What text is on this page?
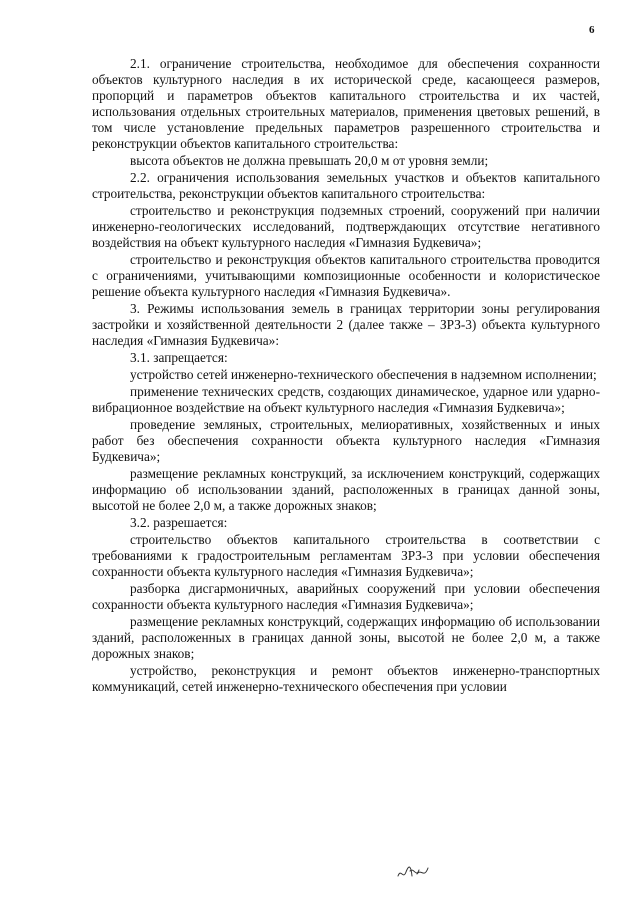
6

2.1. ограничение строительства, необходимое для обеспечения сохранности объектов культурного наследия в их исторической среде, касающееся размеров, пропорций и параметров объектов капитального строительства и их частей, использования отдельных строительных материалов, применения цветовых решений, в том числе установление предельных параметров разрешенного строительства и реконструкции объектов капитального строительства:

высота объектов не должна превышать 20,0 м от уровня земли;

2.2. ограничения использования земельных участков и объектов капитального строительства, реконструкции объектов капитального строительства:

строительство и реконструкция подземных строений, сооружений при наличии инженерно-геологических исследований, подтверждающих отсутствие негативного воздействия на объект культурного наследия «Гимназия Будкевича»;

строительство и реконструкция объектов капитального строительства проводится с ограничениями, учитывающими композиционные особенности и колористическое решение объекта культурного наследия «Гимназия Будкевича».

3. Режимы использования земель в границах территории зоны регулирования застройки и хозяйственной деятельности 2 (далее также – ЗРЗ-3) объекта культурного наследия «Гимназия Будкевича»:

3.1. запрещается:

устройство сетей инженерно-технического обеспечения в надземном исполнении;

применение технических средств, создающих динамическое, ударное или ударно-вибрационное воздействие на объект культурного наследия «Гимназия Будкевича»;

проведение земляных, строительных, мелиоративных, хозяйственных и иных работ без обеспечения сохранности объекта культурного наследия «Гимназия Будкевича»;

размещение рекламных конструкций, за исключением конструкций, содержащих информацию об использовании зданий, расположенных в границах данной зоны, высотой не более 2,0 м, а также дорожных знаков;

3.2. разрешается:

строительство объектов капитального строительства в соответствии с требованиями к градостроительным регламентам ЗРЗ-3 при условии обеспечения сохранности объекта культурного наследия «Гимназия Будкевича»;

разборка дисгармоничных, аварийных сооружений при условии обеспечения сохранности объекта культурного наследия «Гимназия Будкевича»;

размещение рекламных конструкций, содержащих информацию об использовании зданий, расположенных в границах данной зоны, высотой не более 2,0 м, а также дорожных знаков;

устройство, реконструкция и ремонт объектов инженерно-транспортных коммуникаций, сетей инженерно-технического обеспечения при условии
